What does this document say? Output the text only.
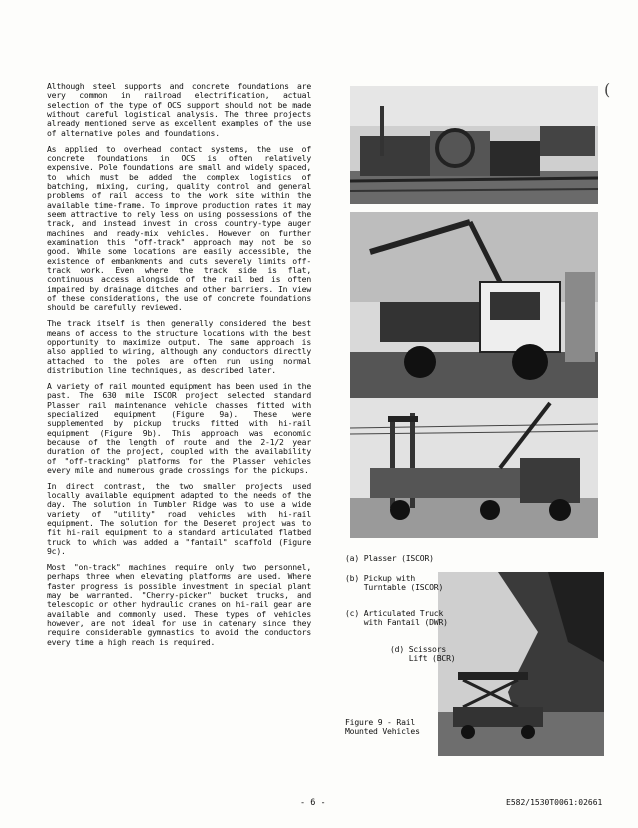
Although steel supports and concrete foundations are very common in railroad electrification, actual selection of the type of OCS support should not be made without careful logistical analysis. The three projects already mentioned serve as excellent examples of the use of alternative poles and foundations.

As applied to overhead contact systems, the use of concrete foundations in OCS is often relatively expensive. Pole foundations are small and widely spaced, to which must be added the complex logistics of batching, mixing, curing, quality control and general problems of rail access to the work site within the available time-frame. To improve production rates it may seem attractive to rely less on using possessions of the track, and instead invest in cross country-type auger machines and ready-mix vehicles. However on further examination this "off-track" approach may not be so good. While some locations are easily accessible, the existence of embankments and cuts severely limits off-track work. Even where the track side is flat, continuous access alongside of the rail bed is often impaired by drainage ditches and other barriers. In view of these considerations, the use of concrete foundations should be carefully reviewed.

The track itself is then generally considered the best means of access to the structure locations with the best opportunity to maximize output. The same approach is also applied to wiring, although any conductors directly attached to the poles are often run using normal distribution line techniques, as described later.

A variety of rail mounted equipment has been used in the past. The 630 mile ISCOR project selected standard Plasser rail maintenance vehicle chasses fitted with specialized equipment (Figure 9a). These were supplemented by pickup trucks fitted with hi-rail equipment (Figure 9b). This approach was economic because of the length of route and the 2-1/2 year duration of the project, coupled with the availability of "off-tracking" platforms for the Plasser vehicles every mile and numerous grade crossings for the pickups.

In direct contrast, the two smaller projects used locally available equipment adapted to the needs of the day. The solution in Tumbler Ridge was to use a wide variety of "utility" road vehicles with hi-rail equipment. The solution for the Deseret project was to fit hi-rail equipment to a standard articulated flatbed truck to which was added a "fantail" scaffold (Figure 9c).

Most "on-track" machines require only two personnel, perhaps three when elevating platforms are used. Where faster progress is possible investment in special plant may be warranted. "Cherry-picker" bucket trucks, and telescopic or other hydraulic cranes on hi-rail gear are available and commonly used. These types of vehicles however, are not ideal for use in catenary since they require considerable gymnastics to avoid the conductors every time a high reach is required.

(
(a) Plasser (ISCOR)
(b) Pickup with
Turntable (ISCOR)
(c) Articulated Truck
with Fantail (DWR)
(d) Scissors
Lift (BCR)
Figure 9 - Rail
Mounted Vehicles
- 6 -	E582/1530T0061:02661
